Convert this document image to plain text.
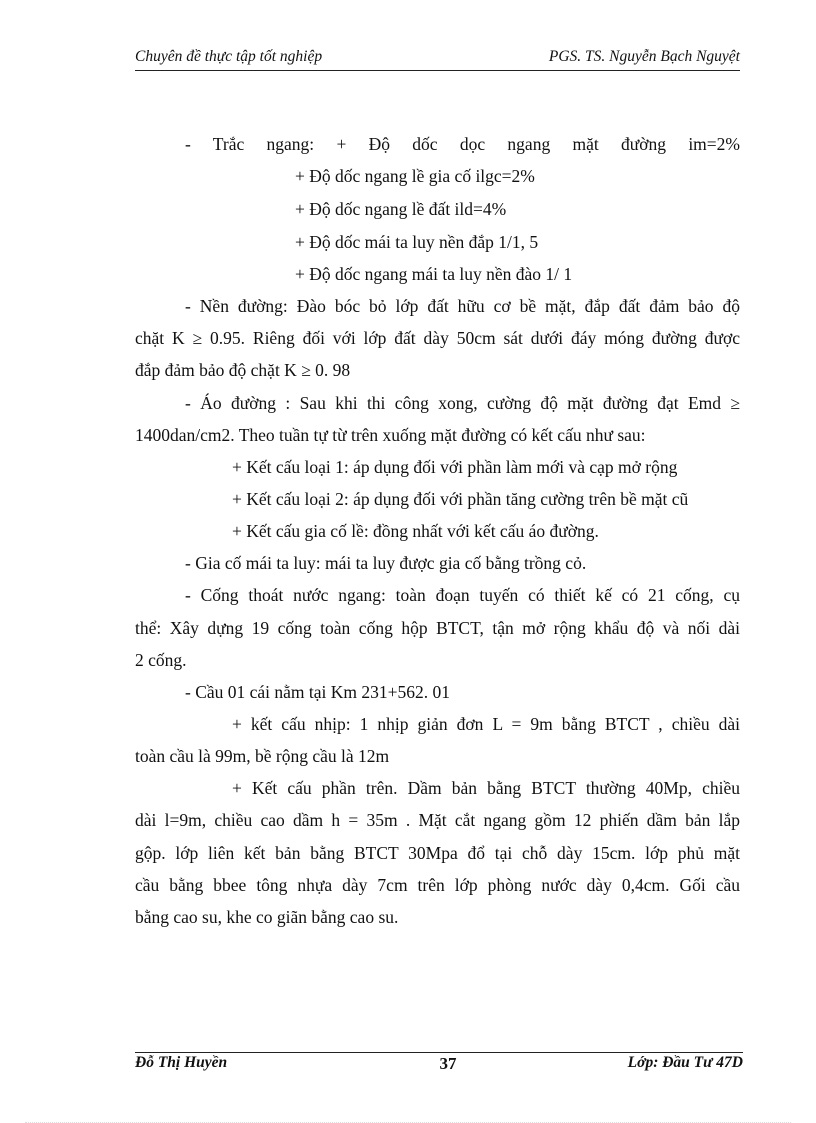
Chuyên đề thực tập tốt nghiệp	PGS. TS. Nguyễn Bạch Nguyệt
- Trắc ngang: + Độ dốc dọc ngang mặt đường im=2%
+ Độ dốc ngang lề gia cố ilgc=2%
+ Độ dốc ngang lề đất ild=4%
+ Độ dốc mái ta luy nền đắp 1/1, 5
+ Độ dốc ngang mái ta luy nền đào 1/ 1
- Nền đường: Đào bóc bỏ lớp đất hữu cơ bề mặt, đắp đất đảm bảo độ
chặt K ≥ 0.95. Riêng đối với lớp đất dày 50cm sát dưới đáy móng đường được
đắp đảm bảo độ chặt K ≥ 0. 98
- Áo đường : Sau khi thi công xong, cường độ mặt đường đạt Emd ≥
1400dan/cm2. Theo tuần tự từ trên xuống mặt đường có kết cấu như sau:
+ Kết cấu loại 1: áp dụng đối với phần làm mới và cạp mở rộng
+ Kết cấu loại 2: áp dụng đối với phần tăng cường trên bề mặt cũ
+ Kết cấu gia cố lề: đồng nhất với kết cấu áo đường.
- Gia cố mái ta luy: mái ta luy được gia cố bằng trồng cỏ.
- Cống thoát nước ngang: toàn đoạn tuyến có thiết kế có 21 cống, cụ
thể: Xây dựng 19 cống toàn cống hộp BTCT, tận mở rộng khẩu độ và nối dài
2 cống.
- Cầu 01 cái nằm tại Km 231+562. 01
+ kết cấu nhịp: 1 nhịp giản đơn L = 9m bằng BTCT , chiều dài
toàn cầu là 99m, bề rộng cầu là 12m
+ Kết cấu phần trên. Dầm bản bằng BTCT thường 40Mp, chiều
dài l=9m, chiều cao dầm h = 35m . Mặt cắt ngang gồm 12 phiến dầm bản lắp
gộp. lớp liên kết bản bằng BTCT 30Mpa đổ tại chỗ dày 15cm. lớp phủ mặt
cầu bằng bbee tông nhựa dày 7cm trên lớp phòng nước dày 0,4cm. Gối cầu
bằng cao su, khe co giãn bằng cao su.
Đỗ Thị Huyền	37	Lớp: Đầu Tư 47D
